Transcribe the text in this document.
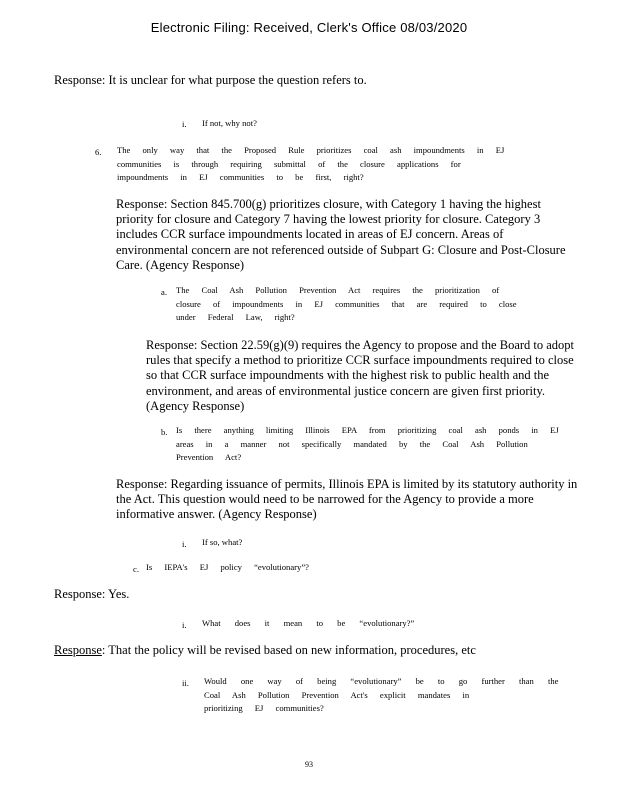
Electronic Filing: Received, Clerk's Office 08/03/2020
Response: It is unclear for what purpose the question refers to.
i. If not, why not?

6. The only way that the Proposed Rule prioritizes coal ash impoundments in EJ

communities is through requiring submittal of the closure applications for

impoundments in EJ communities to be first, right?

Response: Section 845.700(g) prioritizes closure, with Category 1 having the highest priority for closure and Category 7 having the lowest priority for closure. Category 3 includes CCR surface impoundments located in areas of EJ concern. Areas of environmental concern are not referenced outside of Subpart G: Closure and Post-Closure Care. (Agency Response)
a. The Coal Ash Pollution Prevention Act requires the prioritization of

closure of impoundments in EJ communities that are required to close

under Federal Law, right?

Response: Section 22.59(g)(9) requires the Agency to propose and the Board to adopt rules that specify a method to prioritize CCR surface impoundments required to close so that CCR surface impoundments with the highest risk to public health and the environment, and areas of environmental justice concern are given first priority. (Agency Response)
b. Is there anything limiting Illinois EPA from prioritizing coal ash ponds in EJ

areas in a manner not specifically mandated by the Coal Ash Pollution

Prevention Act?

Response: Regarding issuance of permits, Illinois EPA is limited by its statutory authority in the Act. This question would need to be narrowed for the Agency to provide a more informative answer. (Agency Response)
i. If so, what?

c. Is IEPA's EJ policy “evolutionary”?

Response: Yes.
i. What does it mean to be “evolutionary?”

Response: That the policy will be revised based on new information, procedures, etc
ii. Would one way of being “evolutionary” be to go further than the

Coal Ash Pollution Prevention Act's explicit mandates in

prioritizing EJ communities?

93
